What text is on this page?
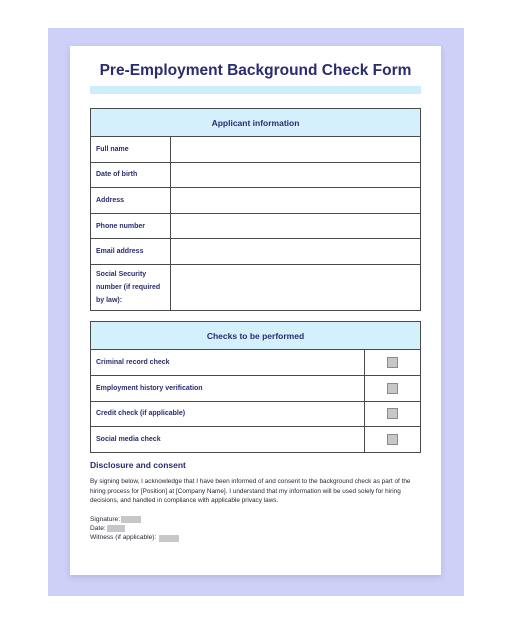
Pre-Employment Background Check Form
Applicant information	
Full name	
Date of birth	
Address	
Phone number	
Email address	
Social Security number (if required by law):	
Checks to be performed	
Criminal record check	
Employment history verification	
Credit check (if applicable)	
Social media check	
Disclosure and consent

By signing below, I acknowledge that I have been informed of and consent to the background check as part of the hiring process for [Position] at [Company Name]. I understand that my information will be used solely for hiring decisions, and handled in compliance with applicable privacy laws.

Signature:
Date:
Witness (if applicable):
